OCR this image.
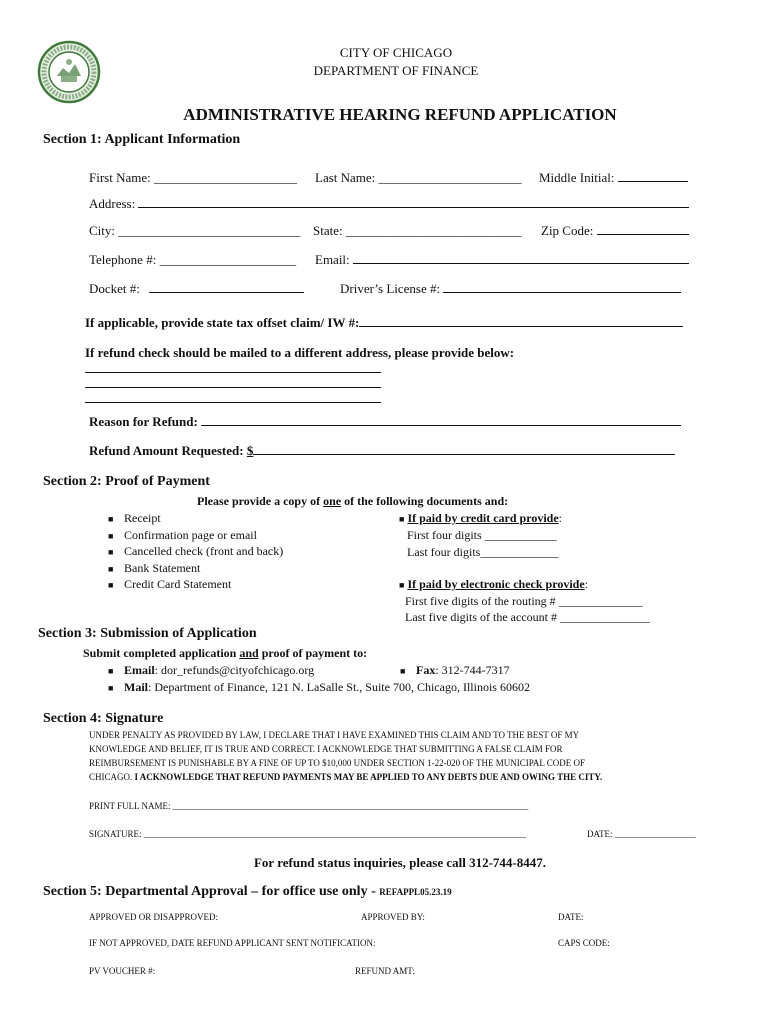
CITY OF CHICAGO
DEPARTMENT OF FINANCE
ADMINISTRATIVE HEARING REFUND APPLICATION
Section 1: Applicant Information
First Name: ______________________ Last Name: ______________________ Middle Initial:
Address:
City: ____________________________ State: ___________________________ Zip Code:
Telephone #: _____________________ Email:
Docket #:	Driver’s License #:
If applicable, provide state tax offset claim/ IW #:
If refund check should be mailed to a different address, please provide below:
Reason for Refund:
Refund Amount Requested: $
Section 2: Proof of Payment
Please provide a copy of one of the following documents and:
■ Receipt
■ Confirmation page or email
■ Cancelled check (front and back)
■ Bank Statement
■ Credit Card Statement
■ If paid by credit card provide:
First four digits ____________
Last four digits_____________
■ If paid by electronic check provide:
First five digits of the routing # ______________
Last five digits of the account # _______________
Section 3: Submission of Application
Submit completed application and proof of payment to:
■ Email: dor_refunds@cityofchicago.org	■ Fax: 312-744-7317
■ Mail: Department of Finance, 121 N. LaSalle St., Suite 700, Chicago, Illinois 60602
Section 4: Signature
UNDER PENALTY AS PROVIDED BY LAW, I DECLARE THAT I HAVE EXAMINED THIS CLAIM AND TO THE BEST OF MY
KNOWLEDGE AND BELIEF, IT IS TRUE AND CORRECT. I ACKNOWLEDGE THAT SUBMITTING A FALSE CLAIM FOR
REIMBURSEMENT IS PUNISHABLE BY A FINE OF UP TO $10,000 UNDER SECTION 1-22-020 OF THE MUNICIPAL CODE OF
CHICAGO. I ACKNOWLEDGE THAT REFUND PAYMENTS MAY BE APPLIED TO ANY DEBTS DUE AND OWING THE CITY.
PRINT FULL NAME: _______________________________________________________________________________
SIGNATURE: _____________________________________________________________________________________	DATE: __________________
For refund status inquiries, please call 312-744-8447.
Section 5: Departmental Approval – for office use only - REFAPPL05.23.19
APPROVED OR DISAPPROVED:	APPROVED BY:	DATE:
IF NOT APPROVED, DATE REFUND APPLICANT SENT NOTIFICATION:	CAPS CODE:
PV VOUCHER #:	REFUND AMT:
